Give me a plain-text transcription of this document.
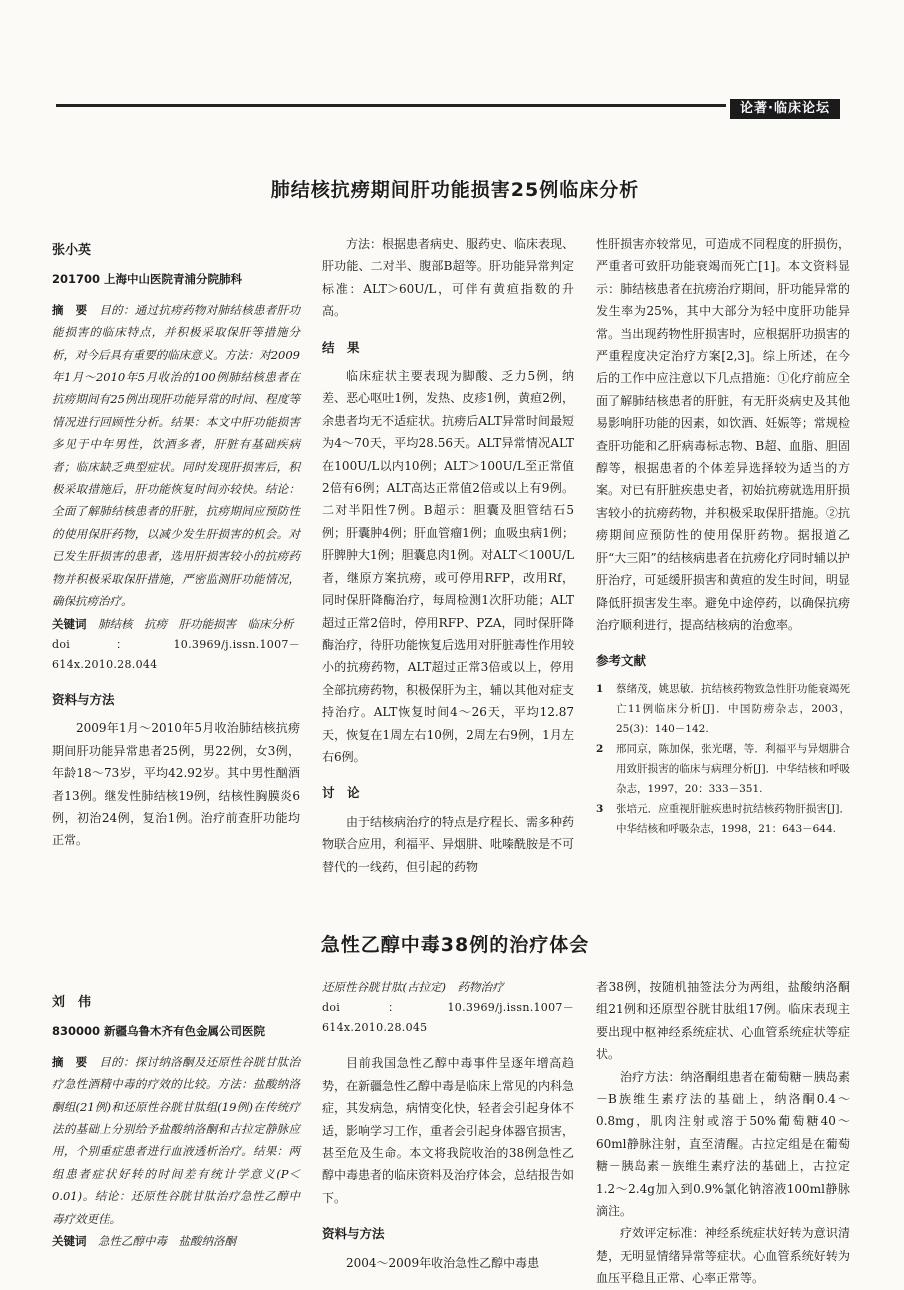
论著·临床论坛
肺结核抗痨期间肝功能损害25例临床分析
张小英
201700 上海中山医院青浦分院肺科
摘　要　 目的：通过抗痨药物对肺结核患者肝功能损害的临床特点，并积极采取保肝等措施分析，对今后具有重要的临床意义。方法：对2009年1月～2010年5月收治的100例肺结核患者在抗痨期间有25例出现肝功能异常的时间、程度等情况进行回顾性分析。结果：本文中肝功能损害多见于中年男性，饮酒多者，肝脏有基础疾病者；临床缺乏典型症状。同时发现肝损害后，积极采取措施后，肝功能恢复时间亦较快。结论：全面了解肺结核患者的肝脏，抗痨期间应预防性的使用保肝药物，以减少发生肝损害的机会。对已发生肝损害的患者，选用肝损害较小的抗痨药物并积极采取保肝措施，严密监测肝功能情况，确保抗痨治疗。
关键词　 肺结核　抗痨　肝功能损害　临床分析
doi：10.3969/j.issn.1007－614x.2010.28.044
资料与方法

2009年1月～2010年5月收治肺结核抗痨期间肝功能异常患者25例，男22例，女3例，年龄18～73岁，平均42.92岁。其中男性酗酒者13例。继发性肺结核19例，结核性胸膜炎6例，初治24例，复治1例。治疗前查肝功能均正常。

方法：根据患者病史、服药史、临床表现、肝功能、二对半、腹部B超等。肝功能异常判定标准：ALT＞60U/L，可伴有黄疸指数的升高。

结　果

临床症状主要表现为脚酸、乏力5例，纳差、恶心呕吐1例，发热、皮疹1例，黄疸2例，余患者均无不适症状。抗痨后ALT异常时间最短为4～70天，平均28.56天。ALT异常情况ALT在100U/L以内10例；ALT＞100U/L至正常值2倍有6例；ALT高达正常值2倍或以上有9例。二对半阳性7例。B超示：胆囊及胆管结石5例；肝囊肿4例；肝血管瘤1例；血吸虫病1例；肝脾肿大1例；胆囊息肉1例。对ALT＜100U/L者，继原方案抗痨，或可停用RFP，改用Rf，同时保肝降酶治疗，每周检测1次肝功能；ALT超过正常2倍时，停用RFP、PZA，同时保肝降酶治疗，待肝功能恢复后选用对肝脏毒性作用较小的抗痨药物，ALT超过正常3倍或以上，停用全部抗痨药物，积极保肝为主，辅以其他对症支持治疗。ALT恢复时间4～26天，平均12.87天，恢复在1周左右10例，2周左右9例，1月左右6例。

讨　论

由于结核病治疗的特点是疗程长、需多种药物联合应用，利福平、异烟肼、吡嗪酰胺是不可替代的一线药，但引起的药物

性肝损害亦较常见，可造成不同程度的肝损伤，严重者可致肝功能衰竭而死亡[1]。本文资料显示：肺结核患者在抗痨治疗期间，肝功能异常的发生率为25%，其中大部分为轻中度肝功能异常。当出现药物性肝损害时，应根据肝功损害的严重程度决定治疗方案[2,3]。综上所述，在今后的工作中应注意以下几点措施：①化疗前应全面了解肺结核患者的肝脏，有无肝炎病史及其他易影响肝功能的因素，如饮酒、妊娠等；常规检查肝功能和乙肝病毒标志物、B超、血脂、胆固醇等，根据患者的个体差异选择较为适当的方案。对已有肝脏疾患史者，初始抗痨就选用肝损害较小的抗痨药物，并积极采取保肝措施。②抗痨期间应预防性的使用保肝药物。据报道乙肝“大三阳”的结核病患者在抗痨化疗同时辅以护肝治疗，可延缓肝损害和黄疸的发生时间，明显降低肝损害发生率。避免中途停药，以确保抗痨治疗顺利进行，提高结核病的治愈率。

参考文献
1	蔡绪茂，姚思敏．抗结核药物致急性肝功能衰竭死亡11例临床分析[J]．中国防痨杂志，2003，25(3)：140－142.
2	邢同京，陈加保，张光曙，等．利福平与异烟肼合用致肝损害的临床与病理分析[J]．中华结核和呼吸杂志，1997，20：333－351.
3	张培元．应重视肝脏疾患时抗结核药物肝损害[J]．中华结核和呼吸杂志，1998，21：643－644.
急性乙醇中毒38例的治疗体会
刘　伟
830000 新疆乌鲁木齐有色金属公司医院
摘　要　 目的：探讨纳洛酮及还原性谷胱甘肽治疗急性酒精中毒的疗效的比较。方法：盐酸纳洛酮组(21例)和还原性谷胱甘肽组(19例)在传统疗法的基础上分别给予盐酸纳洛酮和古拉定静脉应用，个别重症患者进行血液透析治疗。结果：两组患者症状好转的时间差有统计学意义(P＜0.01)。结论：还原性谷胱甘肽治疗急性乙醇中毒疗效更佳。
关键词　 急性乙醇中毒　盐酸纳洛酮
还原性谷胱甘肽(古拉定)　药物治疗
doi：10.3969/j.issn.1007－614x.2010.28.045

目前我国急性乙醇中毒事件呈逐年增高趋势，在新疆急性乙醇中毒是临床上常见的内科急症，其发病急，病情变化快，轻者会引起身体不适，影响学习工作，重者会引起身体器官损害，甚至危及生命。本文将我院收治的38例急性乙醇中毒患者的临床资料及治疗体会，总结报告如下。

资料与方法

2004～2009年收治急性乙醇中毒患

者38例，按随机抽签法分为两组，盐酸纳洛酮组21例和还原型谷胱甘肽组17例。临床表现主要出现中枢神经系统症状、心血管系统症状等症状。

治疗方法：纳洛酮组患者在葡萄糖－胰岛素－B族维生素疗法的基础上，纳洛酮0.4～0.8mg，肌肉注射或溶于50%葡萄糖40～60ml静脉注射，直至清醒。古拉定组是在葡萄糖－胰岛素－族维生素疗法的基础上，古拉定1.2～2.4g加入到0.9%氯化钠溶液100ml静脉滴注。

疗效评定标准：神经系统症状好转为意识清楚，无明显情绪异常等症状。心血管系统好转为血压平稳且正常、心率正常等。
